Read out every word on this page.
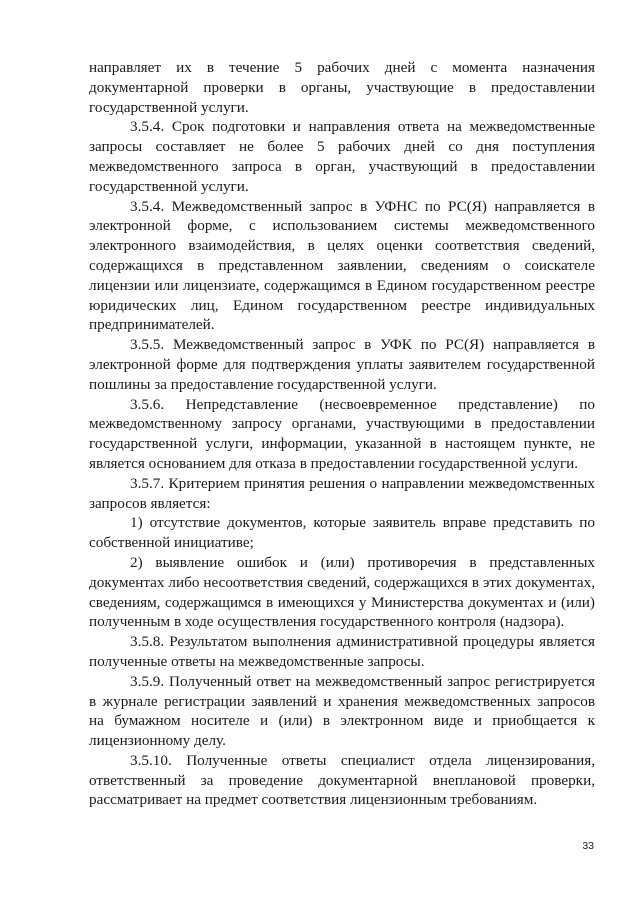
направляет их в течение 5 рабочих дней с момента назначения документарной проверки в органы, участвующие в предоставлении государственной услуги.

3.5.4. Срок подготовки и направления ответа на межведомственные запросы составляет не более 5 рабочих дней со дня поступления межведомственного запроса в орган, участвующий в предоставлении государственной услуги.

3.5.4. Межведомственный запрос в УФНС по РС(Я) направляется в электронной форме, с использованием системы межведомственного электронного взаимодействия, в целях оценки соответствия сведений, содержащихся в представленном заявлении, сведениям о соискателе лицензии или лицензиате, содержащимся в Едином государственном реестре юридических лиц, Едином государственном реестре индивидуальных предпринимателей.

3.5.5. Межведомственный запрос в УФК по РС(Я) направляется в электронной форме для подтверждения уплаты заявителем государственной пошлины за предоставление государственной услуги.

3.5.6. Непредставление (несвоевременное представление) по межведомственному запросу органами, участвующими в предоставлении государственной услуги, информации, указанной в настоящем пункте, не является основанием для отказа в предоставлении государственной услуги.

3.5.7. Критерием принятия решения о направлении межведомственных запросов является:

1) отсутствие документов, которые заявитель вправе представить по собственной инициативе;

2) выявление ошибок и (или) противоречия в представленных документах либо несоответствия сведений, содержащихся в этих документах, сведениям, содержащимся в имеющихся у Министерства документах и (или) полученным в ходе осуществления государственного контроля (надзора).

3.5.8. Результатом выполнения административной процедуры является полученные ответы на межведомственные запросы.

3.5.9. Полученный ответ на межведомственный запрос регистрируется в журнале регистрации заявлений и хранения межведомственных запросов на бумажном носителе и (или) в электронном виде и приобщается к лицензионному делу.

3.5.10. Полученные ответы специалист отдела лицензирования, ответственный за проведение документарной внеплановой проверки, рассматривает на предмет соответствия лицензионным требованиям.

33
